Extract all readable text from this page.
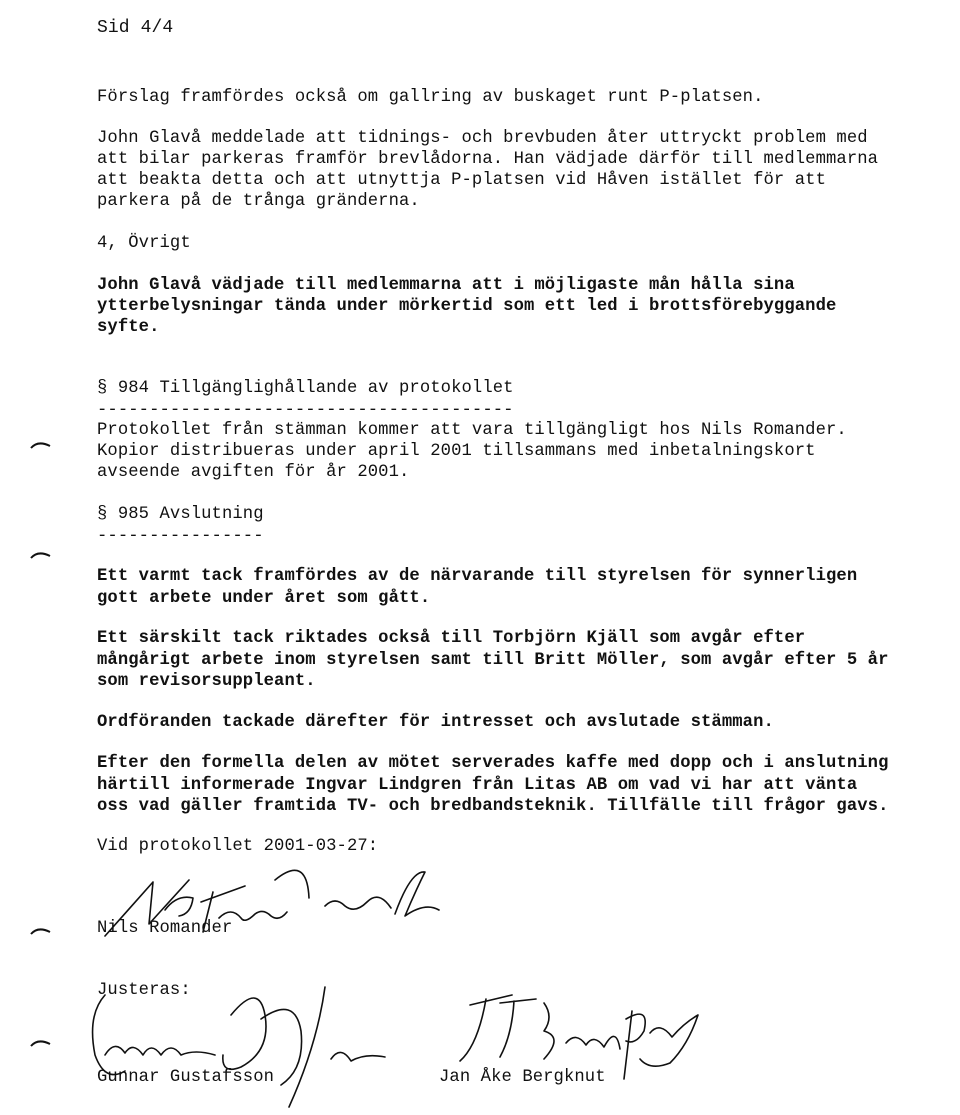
Sid 4/4
Förslag framfördes också om gallring av buskaget runt P-platsen.
John Glavå meddelade att tidnings- och brevbuden åter uttryckt problem med
att bilar parkeras framför brevlådorna. Han vädjade därför till medlemmarna
att beakta detta och att utnyttja P-platsen vid Håven istället för att
parkera på de trånga gränderna.
4, Övrigt
John Glavå vädjade till medlemmarna att i möjligaste mån hålla sina
ytterbelysningar tända under mörkertid som ett led i brottsförebyggande
syfte.
§ 984 Tillgänglighållande av protokollet
----------------------------------------
Protokollet från stämman kommer att vara tillgängligt hos Nils Romander.
Kopior distribueras under april 2001 tillsammans med inbetalningskort
avseende avgiften för år 2001.
§ 985 Avslutning
----------------
Ett varmt tack framfördes av de närvarande till styrelsen för synnerligen
gott arbete under året som gått.
Ett särskilt tack riktades också till Torbjörn Kjäll som avgår efter
mångårigt arbete inom styrelsen samt till Britt Möller, som avgår efter 5 år
som revisorsuppleant.
Ordföranden tackade därefter för intresset och avslutade stämman.
Efter den formella delen av mötet serverades kaffe med dopp och i anslutning
härtill informerade Ingvar Lindgren från Litas AB om vad vi har att vänta
oss vad gäller framtida TV- och bredbandsteknik. Tillfälle till frågor gavs.
Vid protokollet 2001-03-27:
Nils Romander
Justeras:
Gunnar Gustafsson	Jan Åke Bergknut
